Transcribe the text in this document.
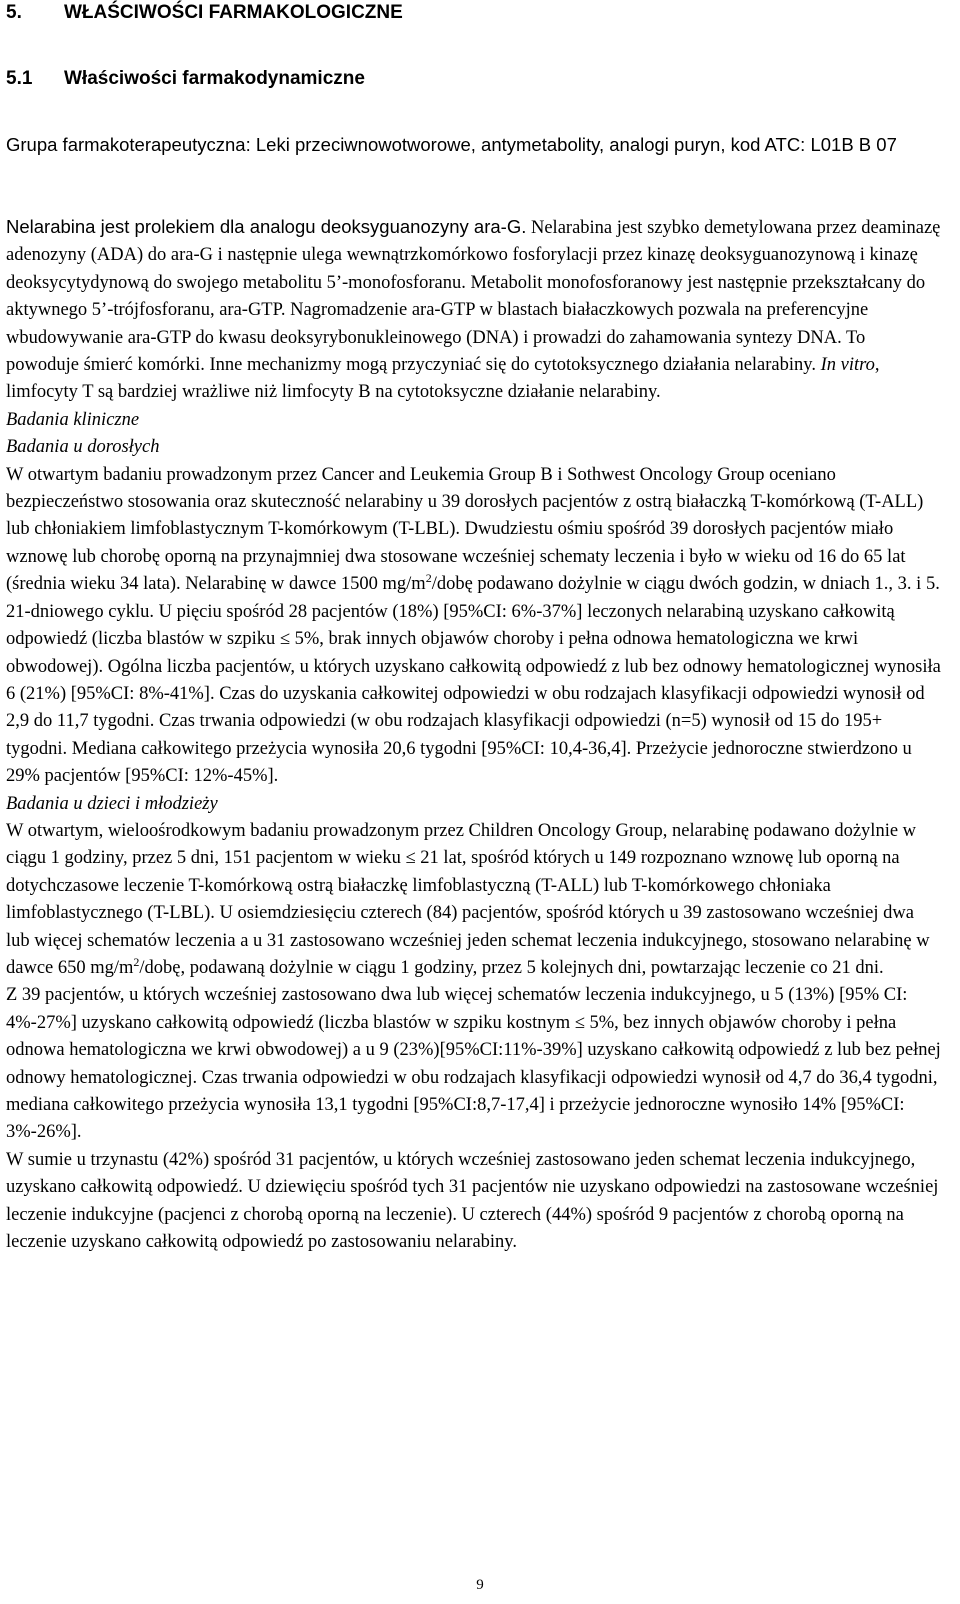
5. WŁAŚCIWOŚCI FARMAKOLOGICZNE
5.1 Właściwości farmakodynamiczne

Grupa farmakoterapeutyczna: Leki przeciwnowotworowe, antymetabolity, analogi puryn, kod ATC: L01B B 07

Nelarabina jest prolekiem dla analogu deoksyguanozyny ara-G. Nelarabina jest szybko demetylowana przez deaminazę adenozyny (ADA) do ara-G i następnie ulega wewnątrzkomórkowo fosforylacji przez kinazę deoksyguanozynową i kinazę deoksycytydynową do swojego metabolitu 5’-monofosforanu. Metabolit monofosforanowy jest następnie przekształcany do aktywnego 5’-trójfosforanu, ara-GTP. Nagromadzenie ara-GTP w blastach białaczkowych pozwala na preferencyjne wbudowywanie ara-GTP do kwasu deoksyrybonukleinowego (DNA) i prowadzi do zahamowania syntezy DNA. To powoduje śmierć komórki. Inne mechanizmy mogą przyczyniać się do cytotoksycznego działania nelarabiny. In vitro, limfocyty T są bardziej wrażliwe niż limfocyty B na cytotoksyczne działanie nelarabiny.

Badania kliniczne

Badania u dorosłych

W otwartym badaniu prowadzonym przez Cancer and Leukemia Group B i Sothwest Oncology Group oceniano bezpieczeństwo stosowania oraz skuteczność nelarabiny u 39 dorosłych pacjentów z ostrą białaczką T-komórkową (T-ALL) lub chłoniakiem limfoblastycznym T-komórkowym (T-LBL). Dwudziestu ośmiu spośród 39 dorosłych pacjentów miało wznowę lub chorobę oporną na przynajmniej dwa stosowane wcześniej schematy leczenia i było w wieku od 16 do 65 lat (średnia wieku 34 lata). Nelarabinę w dawce 1500 $mg/m^2$/dobę podawano dożylnie w ciągu dwóch godzin, w dniach 1., 3. i 5. 21-dniowego cyklu. U pięciu spośród 28 pacjentów (18%) [95%CI: 6%-37%] leczonych nelarabiną uzyskano całkowitą odpowiedź (liczba blastów w szpiku ≤ 5%, brak innych objawów choroby i pełna odnowa hematologiczna we krwi obwodowej). Ogólna liczba pacjentów, u których uzyskano całkowitą odpowiedź z lub bez odnowy hematologicznej wynosiła 6 (21%) [95%CI: 8%-41%]. Czas do uzyskania całkowitej odpowiedzi w obu rodzajach klasyfikacji odpowiedzi wynosił od 2,9 do 11,7 tygodni. Czas trwania odpowiedzi (w obu rodzajach klasyfikacji odpowiedzi (n=5) wynosił od 15 do 195+ tygodni. Mediana całkowitego przeżycia wynosiła 20,6 tygodni [95%CI: 10,4-36,4]. Przeżycie jednoroczne stwierdzono u 29% pacjentów [95%CI: 12%-45%].

Badania u dzieci i młodzieży

W otwartym, wieloośrodkowym badaniu prowadzonym przez Children Oncology Group, nelarabinę podawano dożylnie w ciągu 1 godziny, przez 5 dni, 151 pacjentom w wieku ≤ 21 lat, spośród których u 149 rozpoznano wznowę lub oporną na dotychczasowe leczenie T-komórkową ostrą białaczkę limfoblastyczną (T-ALL) lub T-komórkowego chłoniaka limfoblastycznego (T-LBL). U osiemdziesięciu czterech (84) pacjentów, spośród których u 39 zastosowano wcześniej dwa lub więcej schematów leczenia a u 31 zastosowano wcześniej jeden schemat leczenia indukcyjnego, stosowano nelarabinę w dawce 650 $mg/m^2$/dobę, podawaną dożylnie w ciągu 1 godziny, przez 5 kolejnych dni, powtarzając leczenie co 21 dni.

Z 39 pacjentów, u których wcześniej zastosowano dwa lub więcej schematów leczenia indukcyjnego, u 5 (13%) [95% CI: 4%-27%] uzyskano całkowitą odpowiedź (liczba blastów w szpiku kostnym ≤ 5%, bez innych objawów choroby i pełna odnowa hematologiczna we krwi obwodowej) a u 9 (23%)[95%CI:11%-39%] uzyskano całkowitą odpowiedź z lub bez pełnej odnowy hematologicznej. Czas trwania odpowiedzi w obu rodzajach klasyfikacji odpowiedzi wynosił od 4,7 do 36,4 tygodni, mediana całkowitego przeżycia wynosiła 13,1 tygodni [95%CI:8,7-17,4] i przeżycie jednoroczne wynosiło 14% [95%CI: 3%-26%].

W sumie u trzynastu (42%) spośród 31 pacjentów, u których wcześniej zastosowano jeden schemat leczenia indukcyjnego, uzyskano całkowitą odpowiedź. U dziewięciu spośród tych 31 pacjentów nie uzyskano odpowiedzi na zastosowane wcześniej leczenie indukcyjne (pacjenci z chorobą oporną na leczenie). U czterech (44%) spośród 9 pacjentów z chorobą oporną na leczenie uzyskano całkowitą odpowiedź po zastosowaniu nelarabiny.

9
